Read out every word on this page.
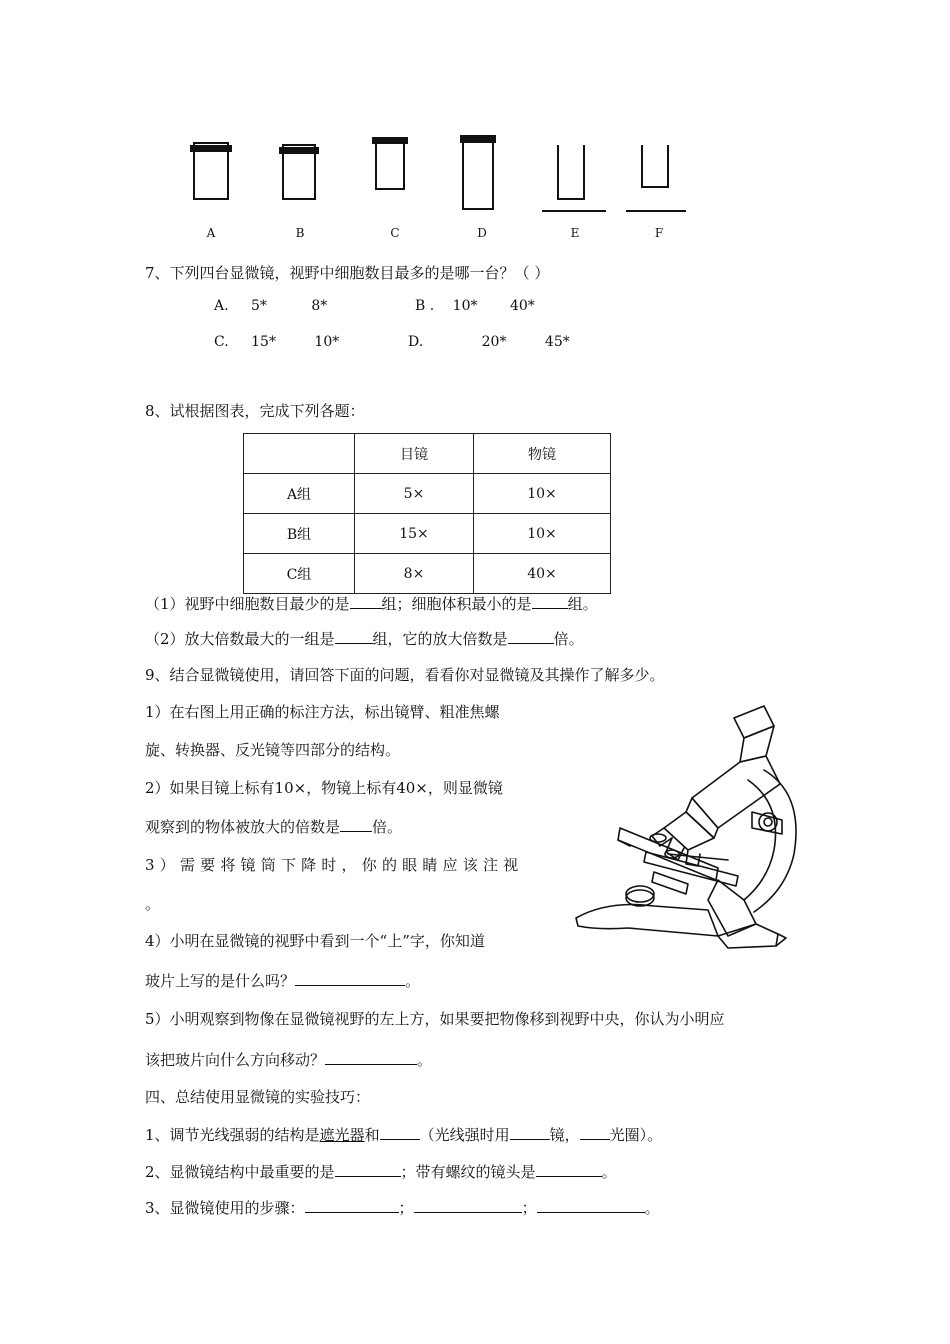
A	B	C	D	E	F
7、下列四台显微镜，视野中细胞数目最多的是哪一台？（ ）
A. 5*	8*	B . 10* 40*
C. 15*	10*	D.	20*	45*
8、试根据图表，完成下列各题：
	目镜	物镜
A组	5×	10×
B组	15×	10×
C组	8×	40×
（1）视野中细胞数目最少的是 组；细胞体积最小的是 组。
（2）放大倍数最大的一组是	组，它的放大倍数是	倍。
9、结合显微镜使用，请回答下面的问题，看看你对显微镜及其操作了解多少。
1）在右图上用正确的标注方法，标出镜臂、粗准焦螺
旋、转换器、反光镜等四部分的结构。
2）如果目镜上标有10×，物镜上标有40×，则显微镜
观察到的物体被放大的倍数是 倍。
3）需要将镜筒下降时，你的眼睛应该注视
。
4）小明在显微镜的视野中看到一个“上”字，你知道
玻片上写的是什么吗？	。
5）小明观察到物像在显微镜视野的左上方，如果要把物像移到视野中央，你认为小明应
该把玻片向什么方向移动？	。
四、总结使用显微镜的实验技巧：
1、调节光线强弱的结构是遮光器和	（光线强时用	镜， 光圈）。
2、显微镜结构中最重要的是	；带有螺纹的镜头是	。
3、显微镜使用的步骤：	；	；	。
